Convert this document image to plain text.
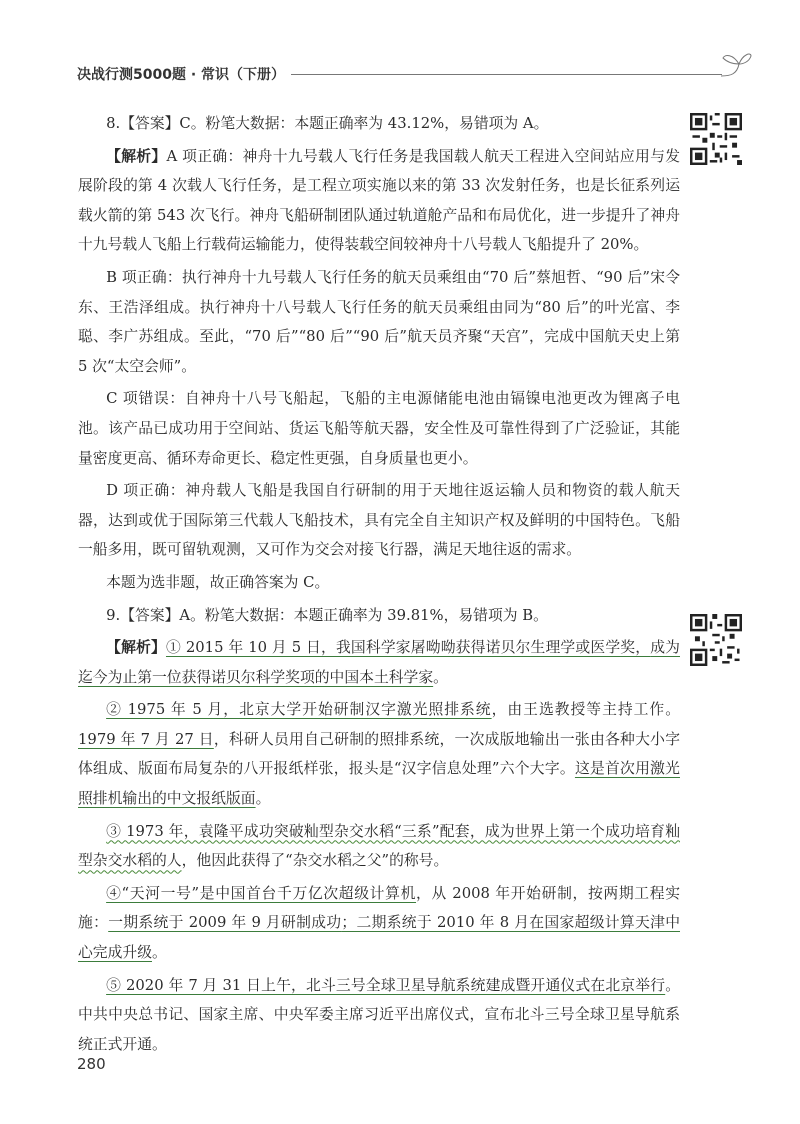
决战行测5000题 · 常识（下册）

8.【答案】C。粉笔大数据：本题正确率为 43.12%，易错项为 A。

【解析】A 项正确：神舟十九号载人飞行任务是我国载人航天工程进入空间站应用与发展阶段的第 4 次载人飞行任务，是工程立项实施以来的第 33 次发射任务，也是长征系列运载火箭的第 543 次飞行。神舟飞船研制团队通过轨道舱产品和布局优化，进一步提升了神舟十九号载人飞船上行载荷运输能力，使得装载空间较神舟十八号载人飞船提升了 20%。

B 项正确：执行神舟十九号载人飞行任务的航天员乘组由“70 后”蔡旭哲、“90 后”宋令东、王浩泽组成。执行神舟十八号载人飞行任务的航天员乘组由同为“80 后”的叶光富、李聪、李广苏组成。至此，“70 后”“80 后”“90 后”航天员齐聚“天宫”，完成中国航天史上第 5 次“太空会师”。

C 项错误：自神舟十八号飞船起，飞船的主电源储能电池由镉镍电池更改为锂离子电池。该产品已成功用于空间站、货运飞船等航天器，安全性及可靠性得到了广泛验证，其能量密度更高、循环寿命更长、稳定性更强，自身质量也更小。

D 项正确：神舟载人飞船是我国自行研制的用于天地往返运输人员和物资的载人航天器，达到或优于国际第三代载人飞船技术，具有完全自主知识产权及鲜明的中国特色。飞船一船多用，既可留轨观测，又可作为交会对接飞行器，满足天地往返的需求。

本题为选非题，故正确答案为 C。

9.【答案】A。粉笔大数据：本题正确率为 39.81%，易错项为 B。

【解析】① 2015 年 10 月 5 日，我国科学家屠呦呦获得诺贝尔生理学或医学奖，成为迄今为止第一位获得诺贝尔科学奖项的中国本土科学家。

② 1975 年 5 月，北京大学开始研制汉字激光照排系统，由王选教授等主持工作。1979 年 7 月 27 日，科研人员用自己研制的照排系统，一次成版地输出一张由各种大小字体组成、版面布局复杂的八开报纸样张，报头是“汉字信息处理”六个大字。这是首次用激光照排机输出的中文报纸版面。

③ 1973 年，袁隆平成功突破籼型杂交水稻“三系”配套，成为世界上第一个成功培育籼型杂交水稻的人，他因此获得了“杂交水稻之父”的称号。

④“天河一号”是中国首台千万亿次超级计算机，从 2008 年开始研制，按两期工程实施：一期系统于 2009 年 9 月研制成功；二期系统于 2010 年 8 月在国家超级计算天津中心完成升级。

⑤ 2020 年 7 月 31 日上午，北斗三号全球卫星导航系统建成暨开通仪式在北京举行。中共中央总书记、国家主席、中央军委主席习近平出席仪式，宣布北斗三号全球卫星导航系统正式开通。

280
